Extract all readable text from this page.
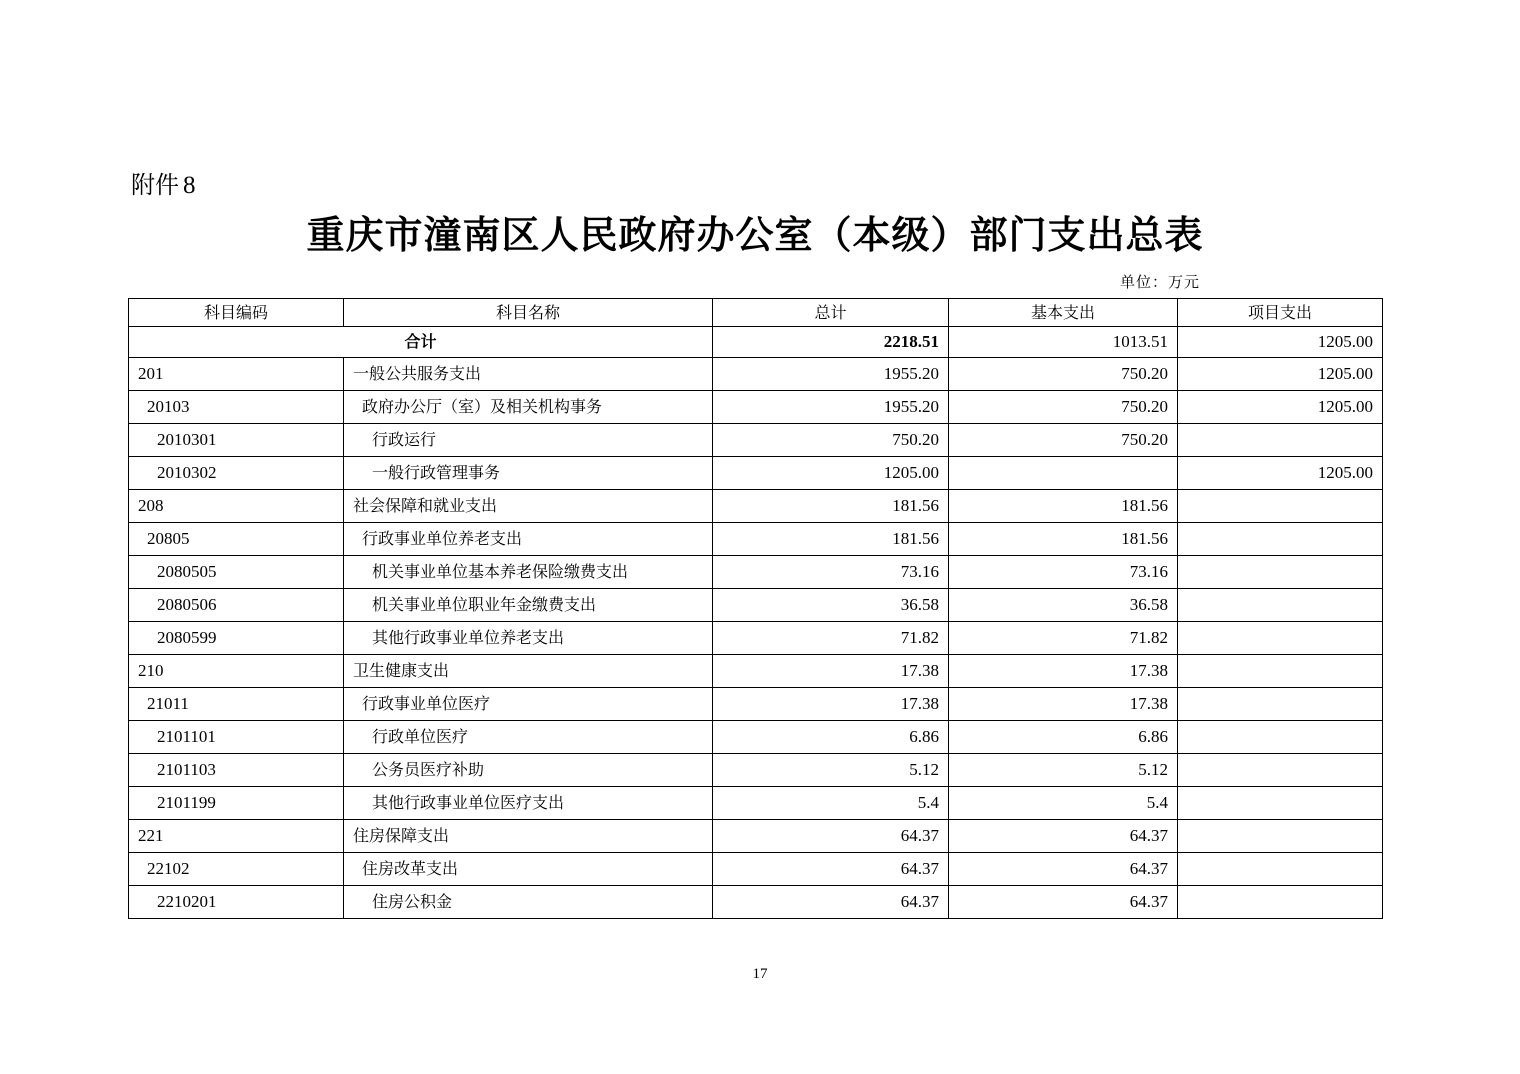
附件 8
重庆市潼南区人民政府办公室（本级）部门支出总表
单位：万元
科目编码	科目名称	总计	基本支出	项目支出
合计		2218.51	1013.51	1205.00
201	一般公共服务支出	1955.20	750.20	1205.00
20103	政府办公厅（室）及相关机构事务	1955.20	750.20	1205.00
2010301	行政运行	750.20	750.20	
2010302	一般行政管理事务	1205.00		1205.00
208	社会保障和就业支出	181.56	181.56	
20805	行政事业单位养老支出	181.56	181.56	
2080505	机关事业单位基本养老保险缴费支出	73.16	73.16	
2080506	机关事业单位职业年金缴费支出	36.58	36.58	
2080599	其他行政事业单位养老支出	71.82	71.82	
210	卫生健康支出	17.38	17.38	
21011	行政事业单位医疗	17.38	17.38	
2101101	行政单位医疗	6.86	6.86	
2101103	公务员医疗补助	5.12	5.12	
2101199	其他行政事业单位医疗支出	5.4	5.4	
221	住房保障支出	64.37	64.37	
22102	住房改革支出	64.37	64.37	
2210201	住房公积金	64.37	64.37	
17
